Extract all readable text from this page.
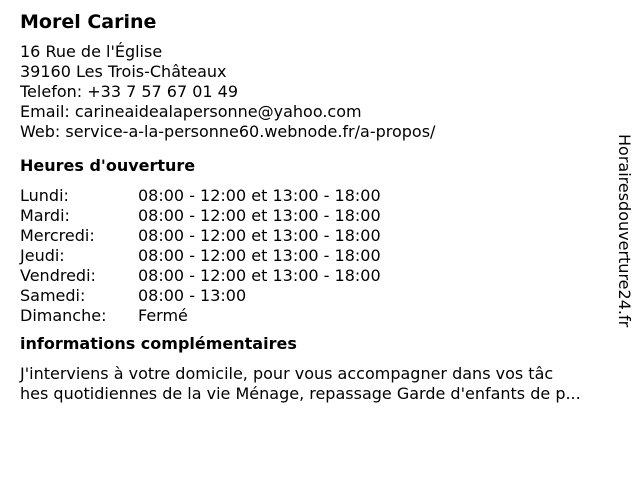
Morel Carine
16 Rue de l'Église
39160 Les Trois-Châteaux
Telefon: +33 7 57 67 01 49
Email: carineaidealapersonne@yahoo.com
Web: service-a-la-personne60.webnode.fr/a-propos/
Heures d'ouverture
Lundi:	08:00 - 12:00 et 13:00 - 18:00
Mardi:	08:00 - 12:00 et 13:00 - 18:00
Mercredi:	08:00 - 12:00 et 13:00 - 18:00
Jeudi:	08:00 - 12:00 et 13:00 - 18:00
Vendredi:	08:00 - 12:00 et 13:00 - 18:00
Samedi:	08:00 - 13:00
Dimanche:	Fermé
informations complémentaires
J'interviens à votre domicile, pour vous accompagner dans vos tâc
hes quotidiennes de la vie Ménage, repassage Garde d'enfants de p...
Horairesdouverture24.fr
